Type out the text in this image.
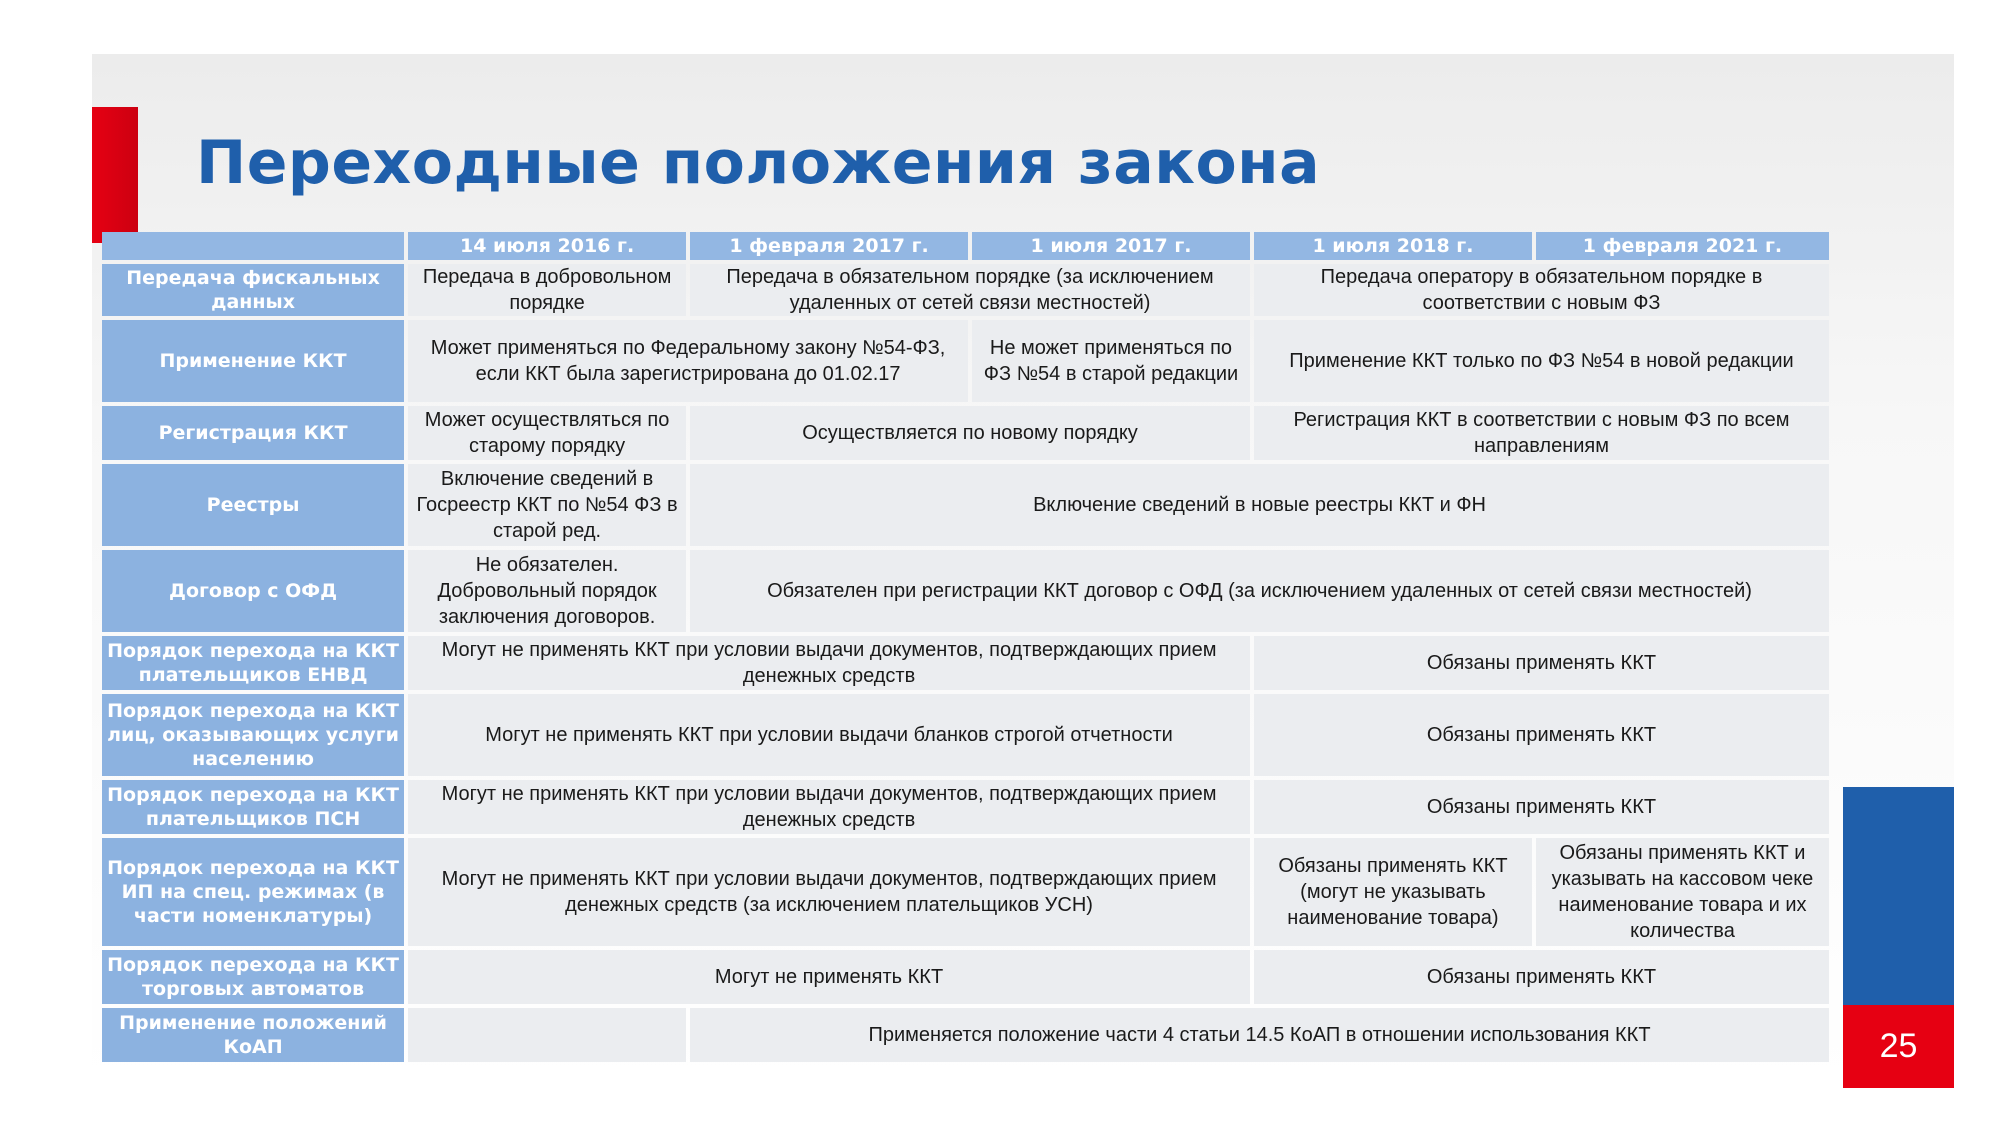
Переходные положения закона
	14 июля 2016 г.	1 февраля 2017 г.	1 июля 2017 г.	1 июля 2018 г.	1 февраля 2021 г.
Передача фискальных данных	Передача в добровольном порядке	Передача в обязательном порядке (за исключением удаленных от сетей связи местностей)		Передача оператору в обязательном порядке в соответствии с новым ФЗ	
Применение ККТ	Может применяться по Федеральному закону №54-ФЗ, если ККТ была зарегистрирована до 01.02.17		Не может применяться по ФЗ №54 в старой редакции	Применение ККТ только по ФЗ №54 в новой редакции	
Регистрация ККТ	Может осуществляться по старому порядку	Осуществляется по новому порядку		Регистрация ККТ в соответствии с новым ФЗ по всем направлениям	
Реестры	Включение сведений в Госреестр ККТ по №54 ФЗ в старой ред.	Включение сведений в новые реестры ККТ и ФН			
Договор с ОФД	Не обязателен. Добровольный порядок заключения договоров.	Обязателен при регистрации ККТ договор с ОФД (за исключением удаленных от сетей связи местностей)			
Порядок перехода на ККТ плательщиков ЕНВД	Могут не применять ККТ при условии выдачи документов, подтверждающих прием денежных средств			Обязаны применять ККТ	
Порядок перехода на ККТ лиц, оказывающих услуги населению	Могут не применять ККТ при условии выдачи бланков строгой отчетности			Обязаны применять ККТ	
Порядок перехода на ККТ плательщиков ПСН	Могут не применять ККТ при условии выдачи документов, подтверждающих прием денежных средств			Обязаны применять ККТ	
Порядок перехода на ККТ ИП на спец. режимах (в части номенклатуры)	Могут не применять ККТ при условии выдачи документов, подтверждающих прием денежных средств (за исключением плательщиков УСН)			Обязаны применять ККТ (могут не указывать наименование товара)	Обязаны применять ККТ и указывать на кассовом чеке наименование товара и их количества
Порядок перехода на ККТ торговых автоматов	Могут не применять ККТ			Обязаны применять ККТ	
Применение положений КоАП		Применяется положение части 4 статьи 14.5 КоАП в отношении использования ККТ				25
